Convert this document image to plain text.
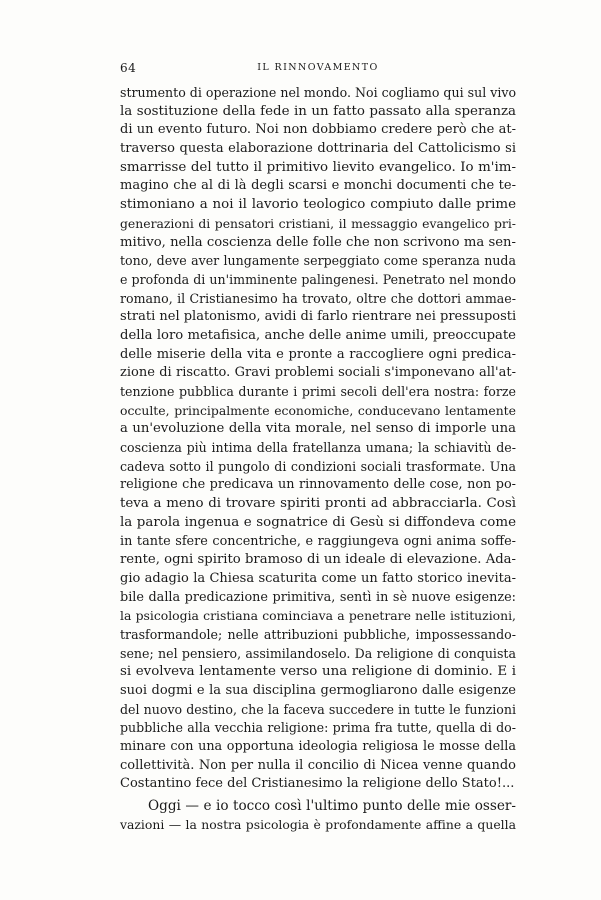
64	IL RINNOVAMENTO
strumento di operazione nel mondo. Noi cogliamo qui sul vivo
la sostituzione della fede in un fatto passato alla speranza
di un evento futuro. Noi non dobbiamo credere però che at-
traverso questa elaborazione dottrinaria del Cattolicismo si
smarrisse del tutto il primitivo lievito evangelico. Io m'im-
magino che al di là degli scarsi e monchi documenti che te-
stimoniano a noi il lavorio teologico compiuto dalle prime
generazioni di pensatori cristiani, il messaggio evangelico pri-
mitivo, nella coscienza delle folle che non scrivono ma sen-
tono, deve aver lungamente serpeggiato come speranza nuda
e profonda di un'imminente palingenesi. Penetrato nel mondo
romano, il Cristianesimo ha trovato, oltre che dottori ammae-
strati nel platonismo, avidi di farlo rientrare nei pressuposti
della loro metafisica, anche delle anime umili, preoccupate
delle miserie della vita e pronte a raccogliere ogni predica-
zione di riscatto. Gravi problemi sociali s'imponevano all'at-
tenzione pubblica durante i primi secoli dell'era nostra: forze
occulte, principalmente economiche, conducevano lentamente
a un'evoluzione della vita morale, nel senso di imporle una
coscienza più intima della fratellanza umana; la schiavitù de-
cadeva sotto il pungolo di condizioni sociali trasformate. Una
religione che predicava un rinnovamento delle cose, non po-
teva a meno di trovare spiriti pronti ad abbracciarla. Così
la parola ingenua e sognatrice di Gesù si diffondeva come
in tante sfere concentriche, e raggiungeva ogni anima soffe-
rente, ogni spirito bramoso di un ideale di elevazione. Ada-
gio adagio la Chiesa scaturita come un fatto storico inevita-
bile dalla predicazione primitiva, sentì in sè nuove esigenze:
la psicologia cristiana cominciava a penetrare nelle istituzioni,
trasformandole; nelle attribuzioni pubbliche, impossessando-
sene; nel pensiero, assimilandoselo. Da religione di conquista
si evolveva lentamente verso una religione di dominio. E i
suoi dogmi e la sua disciplina germogliarono dalle esigenze
del nuovo destino, che la faceva succedere in tutte le funzioni
pubbliche alla vecchia religione: prima fra tutte, quella di do-
minare con una opportuna ideologia religiosa le mosse della
collettività. Non per nulla il concilio di Nicea venne quando
Costantino fece del Cristianesimo la religione dello Stato!...
Oggi — e io tocco così l'ultimo punto delle mie osser-
vazioni — la nostra psicologia è profondamente affine a quella
